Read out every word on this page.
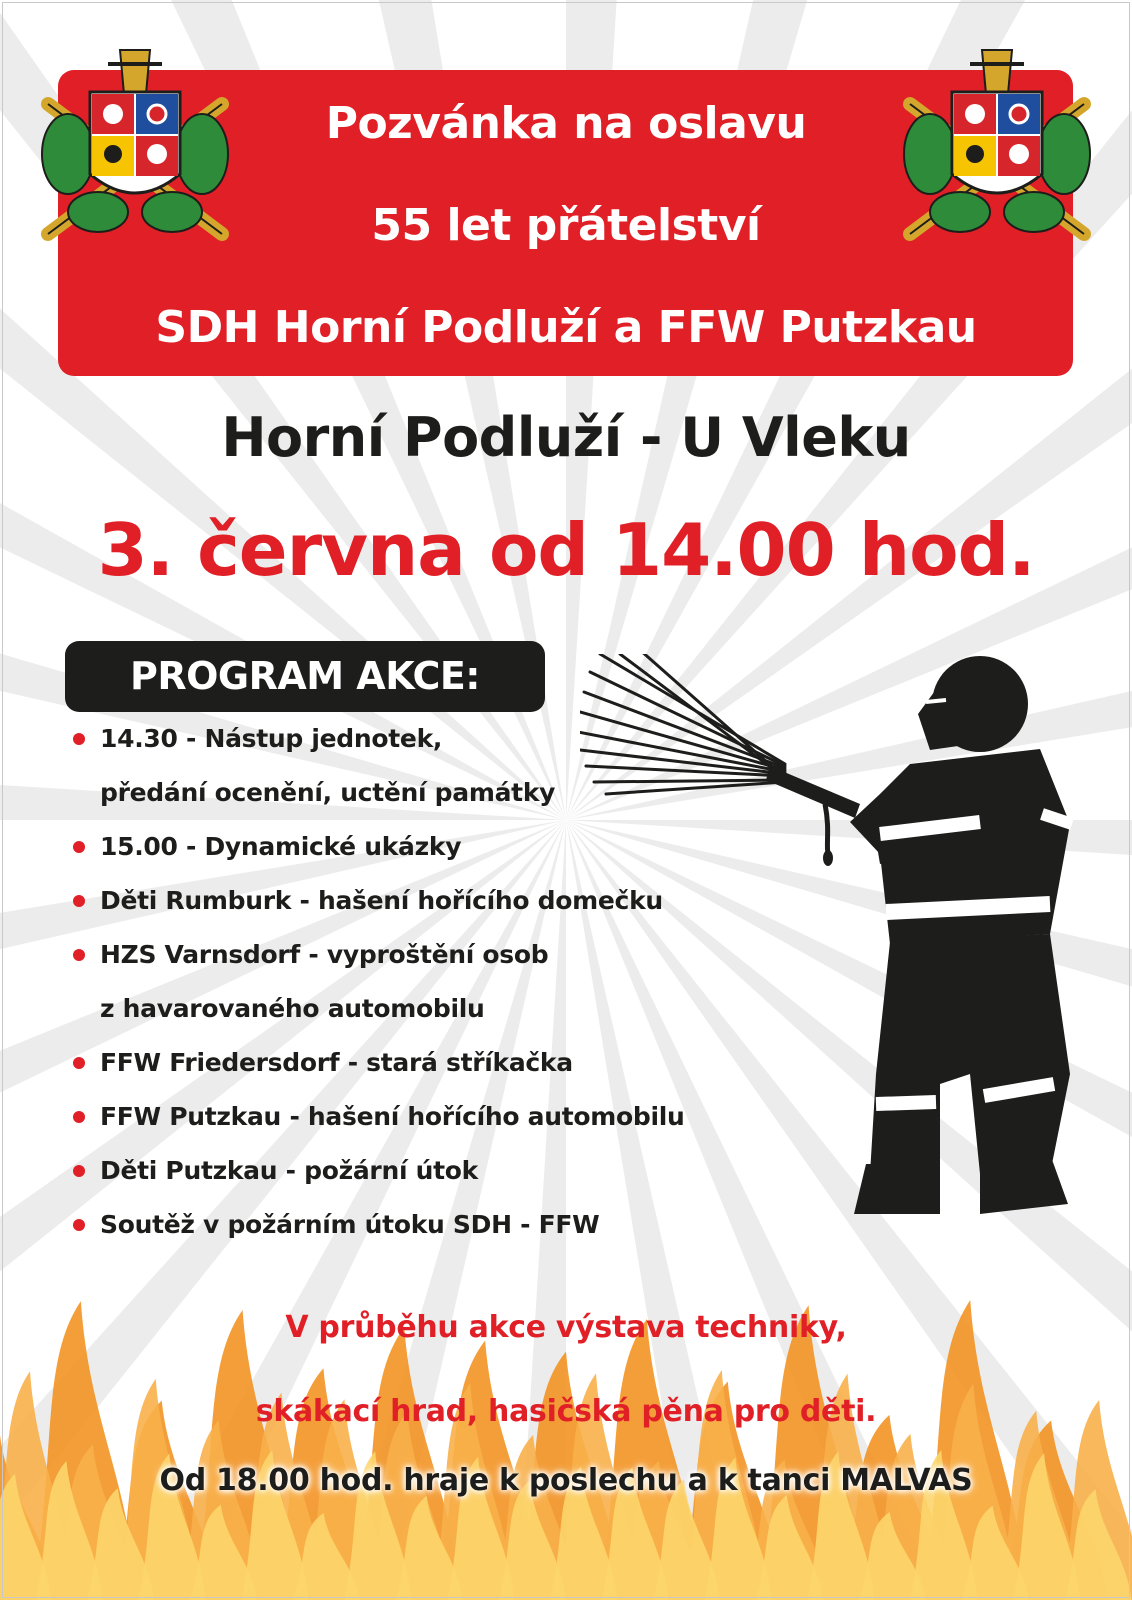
Pozvánka na oslavu
55 let přátelství
SDH Horní Podluží a FFW Putzkau
Horní Podluží - U Vleku
3. června od 14.00 hod.
PROGRAM AKCE:
14.30 - Nástup jednotek,
předání ocenění, uctění památky
15.00 - Dynamické ukázky
Děti Rumburk - hašení hořícího domečku
HZS Varnsdorf - vyproštění osob
z havarovaného automobilu
FFW Friedersdorf - stará stříkačka
FFW Putzkau - hašení hořícího automobilu
Děti Putzkau - požární útok
Soutěž v požárním útoku SDH - FFW
V průběhu akce výstava techniky,
skákací hrad, hasičská pěna pro děti.
Od 18.00 hod. hraje k poslechu a k tanci MALVAS
